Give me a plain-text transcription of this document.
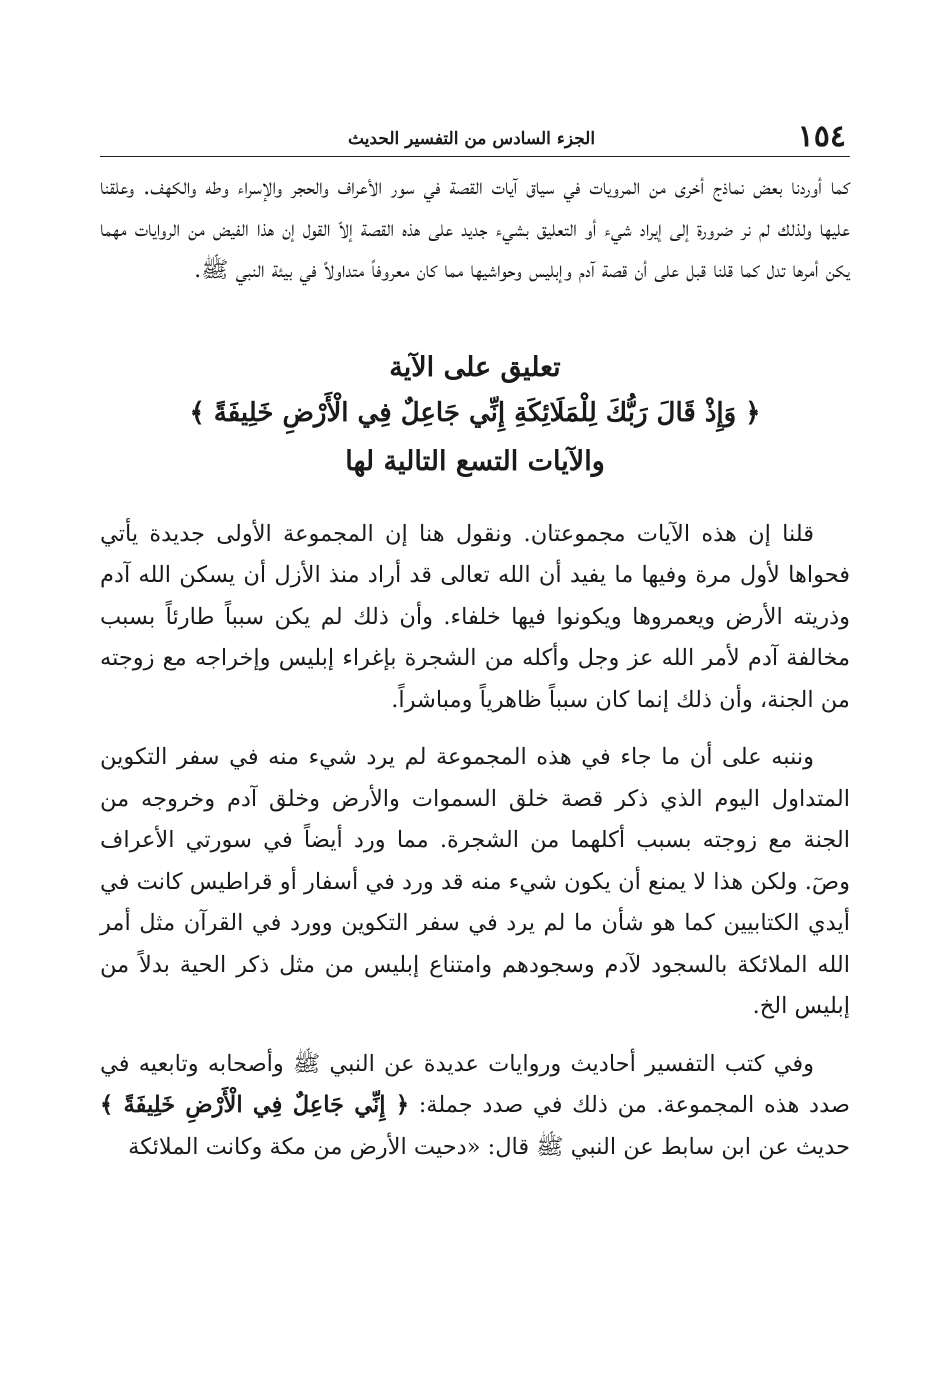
١٥٤
الجزء السادس من التفسير الحديث

كما أوردنا بعض نماذج أخرى من المرويات في سياق آيات القصة في سور الأعراف والحجر والإسراء وطه والكهف. وعلقنا عليها ولذلك لم نر ضرورة إلى إيراد شيء أو التعليق بشيء جديد على هذه القصة إلاّ القول إن هذا الفيض من الروايات مهما يكن أمرها تدل كما قلنا قبل على أن قصة آدم وإبليس وحواشيها مما كان معروفاً متداولاً في بيئة النبي ﷺ.

تعليق على الآية
﴿ وَإِذْ قَالَ رَبُّكَ لِلْمَلَائِكَةِ إِنِّي جَاعِلٌ فِي الْأَرْضِ خَلِيفَةً ﴾
والآيات التسع التالية لها

قلنا إن هذه الآيات مجموعتان. ونقول هنا إن المجموعة الأولى جديدة يأتي فحواها لأول مرة وفيها ما يفيد أن الله تعالى قد أراد منذ الأزل أن يسكن الله آدم وذريته الأرض ويعمروها ويكونوا فيها خلفاء. وأن ذلك لم يكن سبباً طارئاً بسبب مخالفة آدم لأمر الله عز وجل وأكله من الشجرة بإغراء إبليس وإخراجه مع زوجته من الجنة، وأن ذلك إنما كان سبباً ظاهرياً ومباشراً.

وننبه على أن ما جاء في هذه المجموعة لم يرد شيء منه في سفر التكوين المتداول اليوم الذي ذكر قصة خلق السموات والأرض وخلق آدم وخروجه من الجنة مع زوجته بسبب أكلهما من الشجرة. مما ورد أيضاً في سورتي الأعراف وصٓ. ولكن هذا لا يمنع أن يكون شيء منه قد ورد في أسفار أو قراطيس كانت في أيدي الكتابيين كما هو شأن ما لم يرد في سفر التكوين وورد في القرآن مثل أمر الله الملائكة بالسجود لآدم وسجودهم وامتناع إبليس من مثل ذكر الحية بدلاً من إبليس الخ.

وفي كتب التفسير أحاديث وروايات عديدة عن النبي ﷺ وأصحابه وتابعيه في صدد هذه المجموعة. من ذلك في صدد جملة: ﴿ إِنِّي جَاعِلٌ فِي الْأَرْضِ خَلِيفَةً ﴾ حديث عن ابن سابط عن النبي ﷺ قال: «دحيت الأرض من مكة وكانت الملائكة
